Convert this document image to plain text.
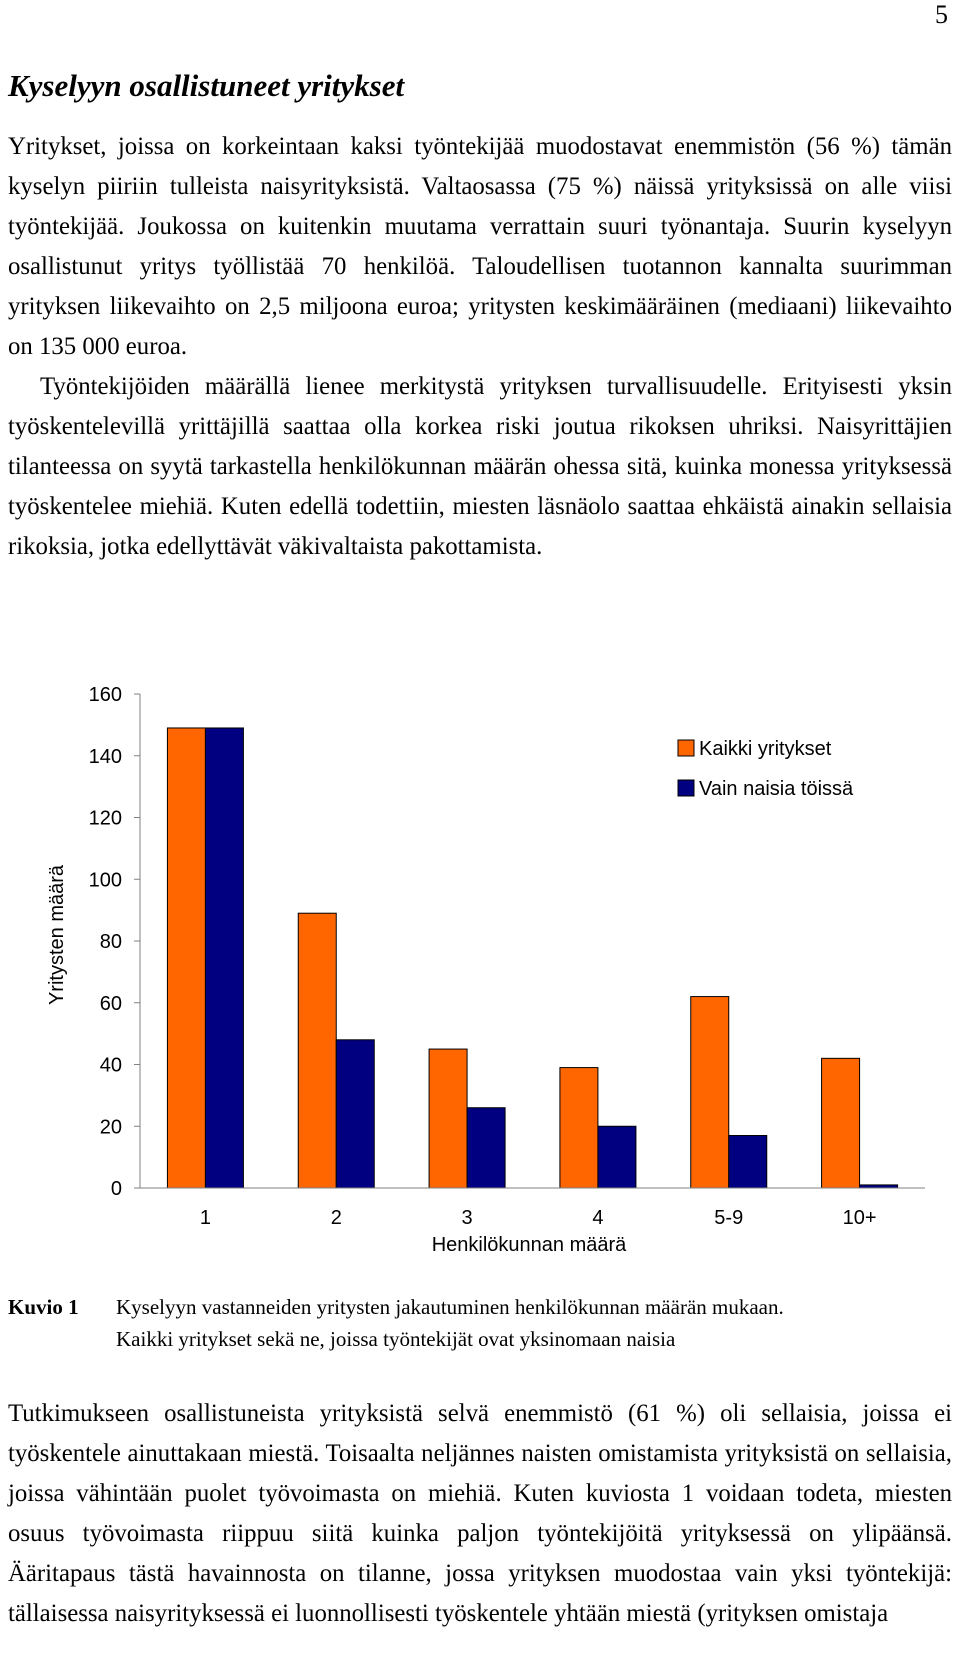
5
Kyselyyn osallistuneet yritykset

Yritykset, joissa on korkeintaan kaksi työntekijää muodostavat enemmistön (56 %) tämän kyselyn piiriin tulleista naisyrityksistä. Valtaosassa (75 %) näissä yrityksissä on alle viisi työntekijää. Joukossa on kuitenkin muutama verrattain suuri työnantaja. Suurin kyselyyn osallistunut yritys työllistää 70 henkilöä. Taloudellisen tuotannon kannalta suurimman yrityksen liikevaihto on 2,5 miljoona euroa; yritysten keskimääräinen (mediaani) liikevaihto on 135 000 euroa.

Työntekijöiden määrällä lienee merkitystä yrityksen turvallisuudelle. Erityisesti yksin työskentelevillä yrittäjillä saattaa olla korkea riski joutua rikoksen uhriksi. Naisyrittäjien tilanteessa on syytä tarkastella henkilökunnan määrän ohessa sitä, kuinka monessa yrityksessä työskentelee miehiä. Kuten edellä todettiin, miesten läsnäolo saattaa ehkäistä ainakin sellaisia rikoksia, jotka edellyttävät väkivaltaista pakottamista.

0
20
40
60
80
100
120
140
160
1	2	3	4	5-9	10+
Kaikki yritykset
Vain naisia töissä
Yritysten määrä
Henkilökunnan määrä
Kuvio 1 Kyselyyn vastanneiden yritysten jakautuminen henkilökunnan määrän mukaan.
Kaikki yritykset sekä ne, joissa työntekijät ovat yksinomaan naisia

Tutkimukseen osallistuneista yrityksistä selvä enemmistö (61 %) oli sellaisia, joissa ei työskentele ainuttakaan miestä. Toisaalta neljännes naisten omistamista yrityksistä on sellaisia, joissa vähintään puolet työvoimasta on miehiä. Kuten kuviosta 1 voidaan todeta, miesten osuus työvoimasta riippuu siitä kuinka paljon työntekijöitä yrityksessä on ylipäänsä. Ääritapaus tästä havainnosta on tilanne, jossa yrityksen muodostaa vain yksi työntekijä: tällaisessa naisyrityksessä ei luonnollisesti työskentele yhtään miestä (yrityksen omistaja
